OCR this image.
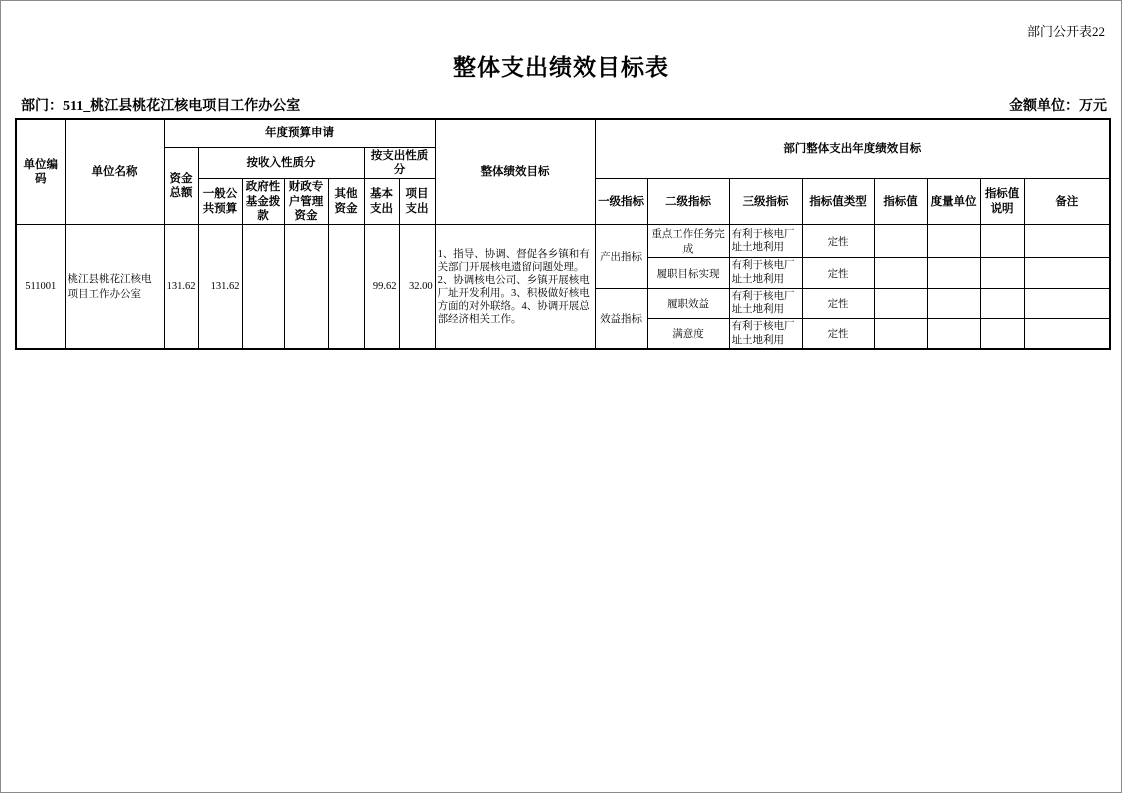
部门公开表22
整体支出绩效目标表
部门：511_桃江县桃花江核电项目工作办公室	金额单位：万元
单位编码	单位名称	年度预算申请							整体绩效目标	部门整体支出年度绩效目标							
		资金总额	按收入性质分				按支出性质分										
			一般公共预算	政府性基金拨款	财政专户管理资金	其他资金	基本支出	项目支出		一级指标	二级指标	三级指标	指标值类型	指标值	度量单位	指标值说明	备注
511001	桃江县桃花江核电项目工作办公室	131.62	131.62				99.62	32.00	1、指导、协调、督促各乡镇和有关部门开展核电遗留问题处理。2、协调核电公司、乡镇开展核电厂址开发利用。3、积极做好核电方面的对外联络。4、协调开展总部经济相关工作。	产出指标	重点工作任务完成	有利于核电厂址土地利用	定性				
											履职目标实现	有利于核电厂址土地利用	定性				
										效益指标	履职效益	有利于核电厂址土地利用	定性				
											满意度	有利于核电厂址土地利用	定性				
